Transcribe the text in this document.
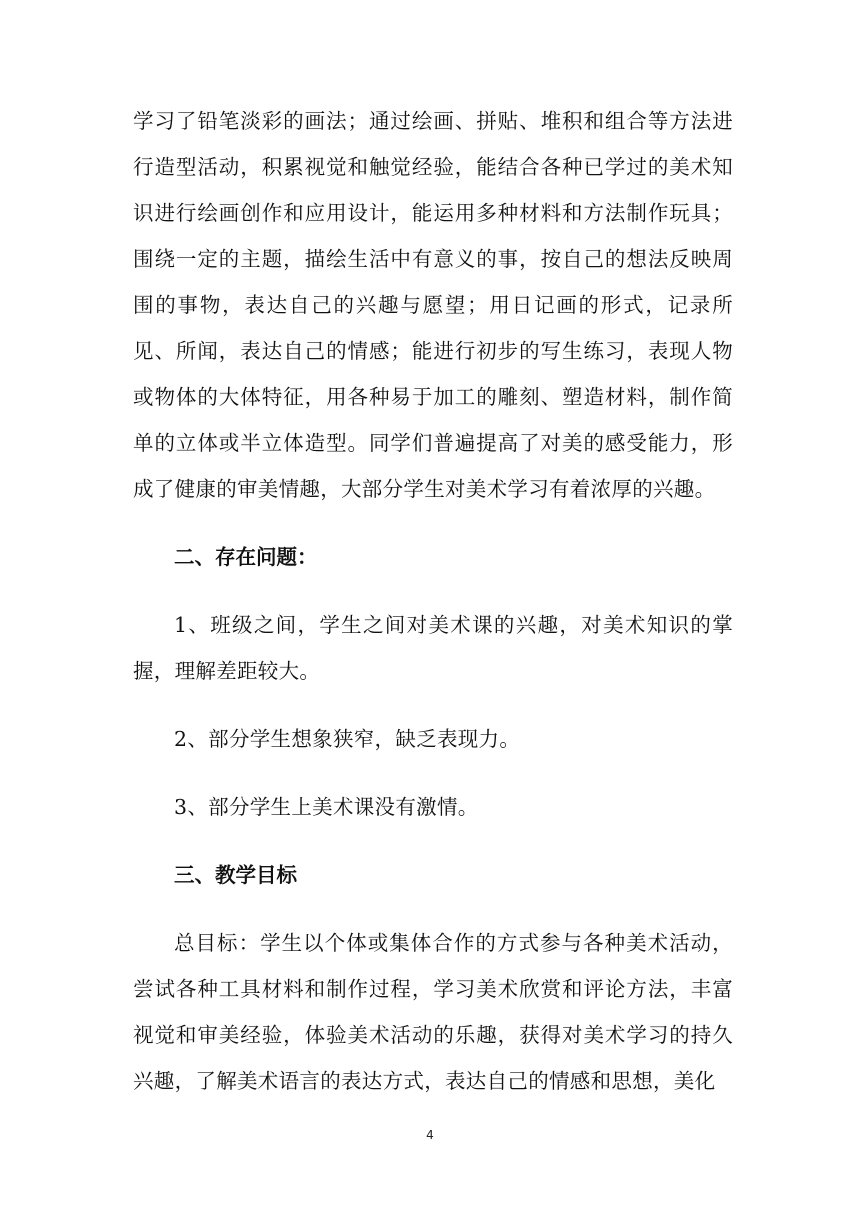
学习了铅笔淡彩的画法；通过绘画、拼贴、堆积和组合等方法进行造型活动，积累视觉和触觉经验，能结合各种已学过的美术知识进行绘画创作和应用设计，能运用多种材料和方法制作玩具；围绕一定的主题，描绘生活中有意义的事，按自己的想法反映周围的事物，表达自己的兴趣与愿望；用日记画的形式，记录所见、所闻，表达自己的情感；能进行初步的写生练习，表现人物或物体的大体特征，用各种易于加工的雕刻、塑造材料，制作简单的立体或半立体造型。同学们普遍提高了对美的感受能力，形成了健康的审美情趣，大部分学生对美术学习有着浓厚的兴趣。

二、存在问题：

1、班级之间，学生之间对美术课的兴趣，对美术知识的掌握，理解差距较大。

2、部分学生想象狭窄，缺乏表现力。

3、部分学生上美术课没有激情。

三、教学目标

总目标：学生以个体或集体合作的方式参与各种美术活动，尝试各种工具材料和制作过程，学习美术欣赏和评论方法，丰富视觉和审美经验，体验美术活动的乐趣，获得对美术学习的持久兴趣，了解美术语言的表达方式，表达自己的情感和思想，美化

4
